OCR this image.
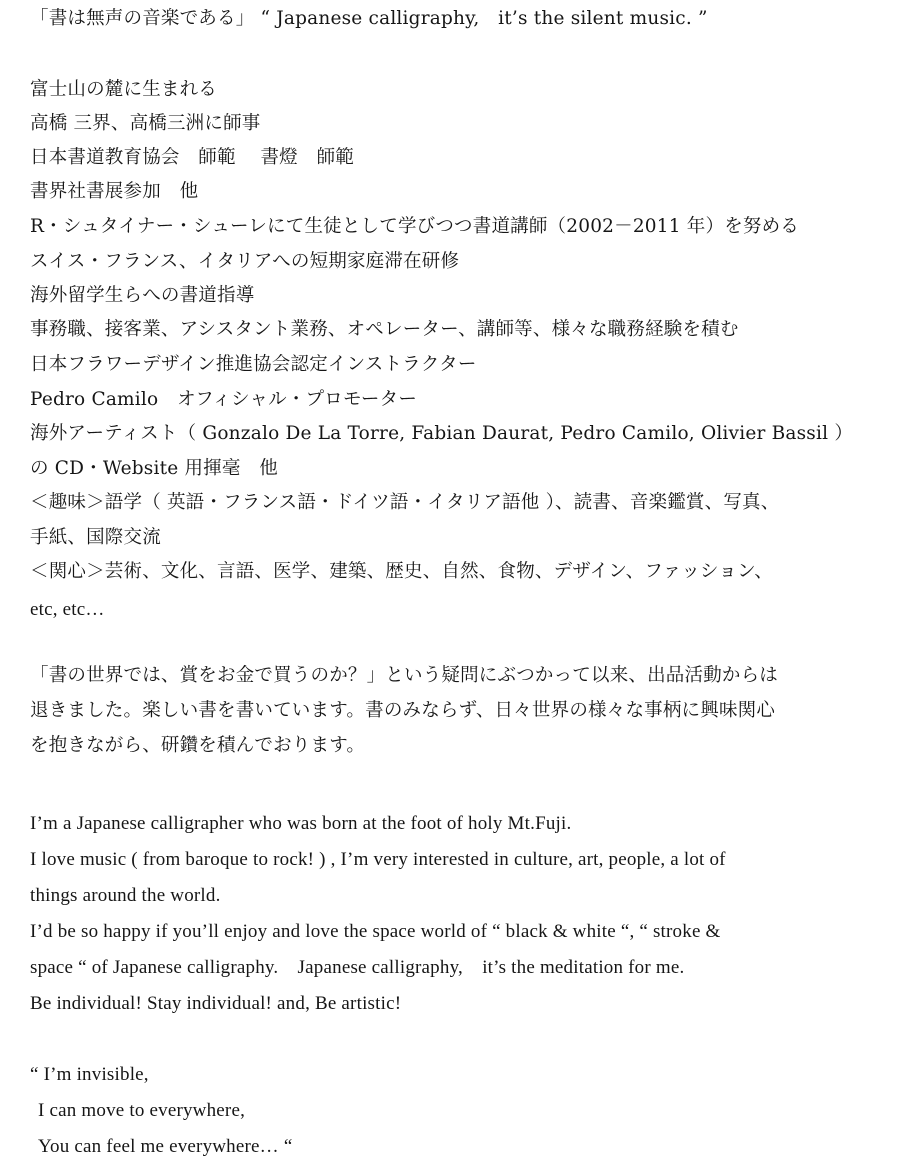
「書は無声の音楽である」 “ Japanese calligraphy,　it’s the silent music. ”
富士山の麓に生まれる
高橋 三界、高橋三洲に師事
日本書道教育協会　師範　 書燈　師範
書界社書展参加　他
R・シュタイナー・シューレにて生徒として学びつつ書道講師（2002－2011 年）を努める
スイス・フランス、イタリアへの短期家庭滞在研修
海外留学生らへの書道指導
事務職、接客業、アシスタント業務、オペレーター、講師等、様々な職務経験を積む
日本フラワーデザイン推進協会認定インストラクター
Pedro Camilo　オフィシャル・プロモーター
海外アーティスト（ Gonzalo De La Torre, Fabian Daurat, Pedro Camilo, Olivier Bassil ）
の CD・Website 用揮毫　他
＜趣味＞語学（ 英語・フランス語・ドイツ語・イタリア語他 ）、読書、音楽鑑賞、写真、
手紙、国際交流
＜関心＞芸術、文化、言語、医学、建築、歴史、自然、食物、デザイン、ファッション、
etc, etc…
「書の世界では、賞をお金で買うのか？」という疑問にぶつかって以来、出品活動からは
退きました。楽しい書を書いています。書のみならず、日々世界の様々な事柄に興味関心
を抱きながら、研鑽を積んでおります。
I’m a Japanese calligrapher who was born at the foot of holy Mt.Fuji.
I love music ( from baroque to rock! ) , I’m very interested in culture, art, people, a lot of
things around the world.
I’d be so happy if you’ll enjoy and love the space world of “ black & white “, “ stroke &
space “ of Japanese calligraphy.　Japanese calligraphy,　it’s the meditation for me.
Be individual! Stay individual! and, Be artistic!
“ I’m invisible,
I can move to everywhere,
You can feel me everywhere… “
